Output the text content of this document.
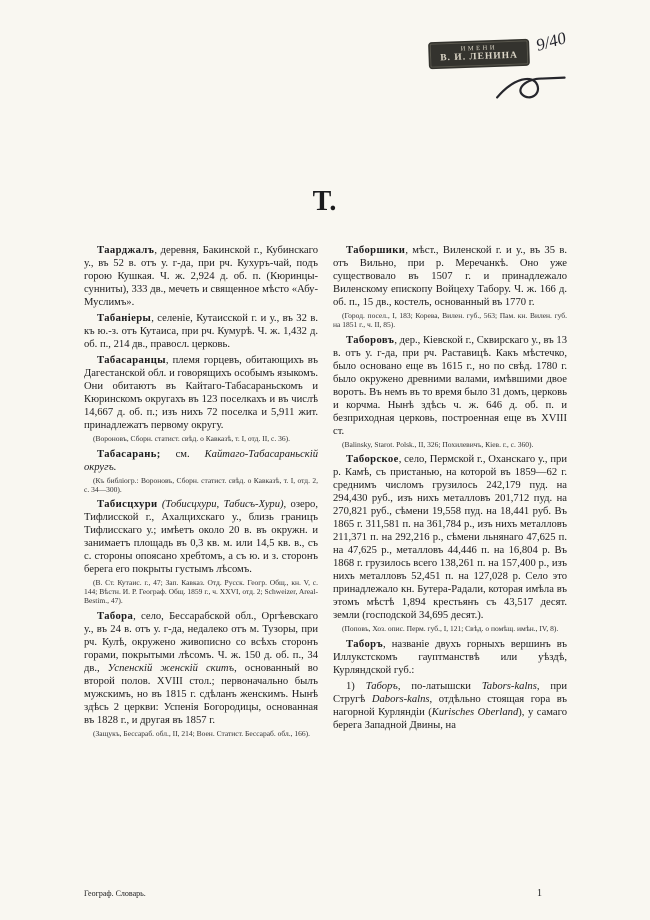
ИМЕНИ
В. И. ЛЕНИНА
9/40
Т.

Таарджалъ, деревня, Бакинской г., Кубинскаго у., въ 52 в. отъ у. г-да, при рч. Кухуръ-чай, подъ горою Кушкая. Ч. ж. 2,924 д. об. п. (Кюринцы-сунниты), 333 дв., мечеть и священное мѣсто «Абу-Муслимъ».

Табаніеры, селеніе, Кутаисской г. и у., въ 32 в. къ ю.-з. отъ Кутаиса, при рч. Кумурѣ. Ч. ж. 1,432 д. об. п., 214 дв., правосл. церковь.

Табасаранцы, племя горцевъ, обитающихъ въ Дагестанской обл. и говорящихъ особымъ языкомъ. Они обитаютъ въ Кайтаго-Табасараньскомъ и Кюринскомъ округахъ въ 123 поселкахъ и въ числѣ 14,667 д. об. п.; изъ нихъ 72 поселка и 5,911 жит. принадлежатъ первому округу.

(Вороновъ, Сборн. статист. свѣд. о Кавказѣ, т. I, отд. II, с. 36).

Табасарань; см. Кайтаго-Табасараньскій округъ.

(Къ библіогр.: Вороновъ, Сборн. статист. свѣд. о Кавказѣ, т. I, отд. 2, с. 34—300).

Табисцхури (Тобисцхури, Табисъ-Хури), озеро, Тифлисской г., Ахалцихскаго у., близь границъ Тифлисскаго у.; имѣетъ около 20 в. въ окружн. и занимаетъ площадь въ 0,3 кв. м. или 14,5 кв. в., съ с. стороны опоясано хребтомъ, а съ ю. и з. сторонъ берега его покрыты густымъ лѣсомъ.

(В. Ст. Кутаис. г., 47; Зап. Кавказ. Отд. Русск. Геогр. Общ., кн. V, с. 144; Вѣстн. И. Р. Географ. Общ. 1859 г., ч. XXVI, отд. 2; Schweizer, Areal-Bestim., 47).

Табора, село, Бессарабской обл., Оргѣевскаго у., въ 24 в. отъ у. г-да, недалеко отъ м. Тузоры, при рч. Кулѣ, окружено живописно со всѣхъ сторонъ горами, покрытыми лѣсомъ. Ч. ж. 150 д. об. п., 34 дв., Успенскій женскій скитъ, основанный во второй полов. XVIII стол.; первоначально былъ мужскимъ, но въ 1815 г. сдѣланъ женскимъ. Нынѣ здѣсь 2 церкви: Успенія Богородицы, основанная въ 1828 г., и другая въ 1857 г.

(Защукъ, Бессараб. обл., II, 214; Воен. Статист. Бессараб. обл., 166).

Таборшики, мѣст., Виленской г. и у., въ 35 в. отъ Вильно, при р. Меречанкѣ. Оно уже существовало въ 1507 г. и принадлежало Виленскому епископу Войцеху Табору. Ч. ж. 166 д. об. п., 15 дв., костелъ, основанный въ 1770 г.

(Город. посел., I, 183; Корева, Вилен. губ., 563; Пам. кн. Вилен. губ. на 1851 г., ч. II, 85).

Таборовъ, дер., Кіевской г., Сквирскаго у., въ 13 в. отъ у. г-да, при рч. Раставицѣ. Какъ мѣстечко, было основано еще въ 1615 г., но по свѣд. 1780 г. было окружено древними валами, имѣвшими двое воротъ. Въ немъ въ то время было 31 домъ, церковь и корчма. Нынѣ здѣсь ч. ж. 646 д. об. п. и безприходная церковь, построенная еще въ XVIII ст.

(Balinsky, Starot. Polsk., II, 326; Похилевичъ, Кіев. г., с. 360).

Таборское, село, Пермской г., Оханскаго у., при р. Камѣ, съ пристанью, на которой въ 1859—62 г. среднимъ числомъ грузилось 242,179 пуд. на 294,430 руб., изъ нихъ металловъ 201,712 пуд. на 270,821 руб., сѣмени 19,558 пуд. на 18,441 руб. Въ 1865 г. 311,581 п. на 361,784 р., изъ нихъ металловъ 211,371 п. на 292,216 р., сѣмени льнянаго 47,625 п. на 47,625 р., металловъ 44,446 п. на 16,804 р. Въ 1868 г. грузилось всего 138,261 п. на 157,400 р., изъ нихъ металловъ 52,451 п. на 127,028 р. Село это принадлежало кн. Бутера-Радали, которая имѣла въ этомъ мѣстѣ 1,894 крестьянъ съ 43,517 десят. земли (господской 34,695 десят.).

(Поповъ, Хоз. опис. Перм. губ., I, 121; Свѣд. о помѣщ. имѣн., IV, 8).

Таборъ, названіе двухъ горныхъ вершинъ въ Иллукстскомъ гауптманствѣ или уѣздѣ, Курляндской губ.:

1) Таборъ, по-латышски Tabors-kalns, при Стругѣ Dabors-kalns, отдѣльно стоящая гора въ нагорной Курляндіи (Kurisches Oberland), у самаго берега Западной Двины, на

Географ. Словарь.	1
